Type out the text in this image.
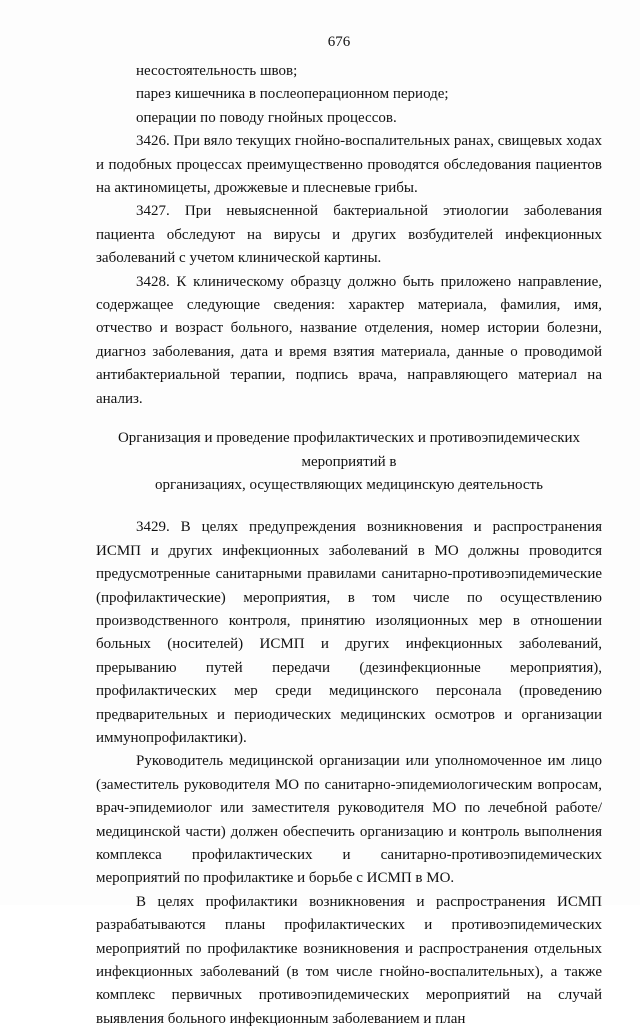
676

несостоятельность швов;

парез кишечника в послеоперационном периоде;

операции по поводу гнойных процессов.

3426. При вяло текущих гнойно-воспалительных ранах, свищевых ходах и подобных процессах преимущественно проводятся обследования пациентов на актиномицеты, дрожжевые и плесневые грибы.

3427. При невыясненной бактериальной этиологии заболевания пациента обследуют на вирусы и других возбудителей инфекционных заболеваний с учетом клинической картины.

3428. К клиническому образцу должно быть приложено направление, содержащее следующие сведения: характер материала, фамилия, имя, отчество и возраст больного, название отделения, номер истории болезни, диагноз заболевания, дата и время взятия материала, данные о проводимой антибактериальной терапии, подпись врача, направляющего материал на анализ.

Организация и проведение профилактических и противоэпидемических мероприятий в
организациях, осуществляющих медицинскую деятельность

3429. В целях предупреждения возникновения и распространения ИСМП и других инфекционных заболеваний в МО должны проводится предусмотренные санитарными правилами санитарно-противоэпидемические (профилактические) мероприятия, в том числе по осуществлению производственного контроля, принятию изоляционных мер в отношении больных (носителей) ИСМП и других инфекционных заболеваний, прерыванию путей передачи (дезинфекционные мероприятия), профилактических мер среди медицинского персонала (проведению предварительных и периодических медицинских осмотров и организации иммунопрофилактики).

Руководитель медицинской организации или уполномоченное им лицо (заместитель руководителя МО по санитарно-эпидемиологическим вопросам, врач-эпидемиолог или заместителя руководителя МО по лечебной работе/медицинской части) должен обеспечить организацию и контроль выполнения комплекса профилактических и санитарно-противоэпидемических мероприятий по профилактике и борьбе с ИСМП в МО.

В целях профилактики возникновения и распространения ИСМП разрабатываются планы профилактических и противоэпидемических мероприятий по профилактике возникновения и распространения отдельных инфекционных заболеваний (в том числе гнойно-воспалительных), а также комплекс первичных противоэпидемических мероприятий на случай выявления больного инфекционным заболеванием и план
